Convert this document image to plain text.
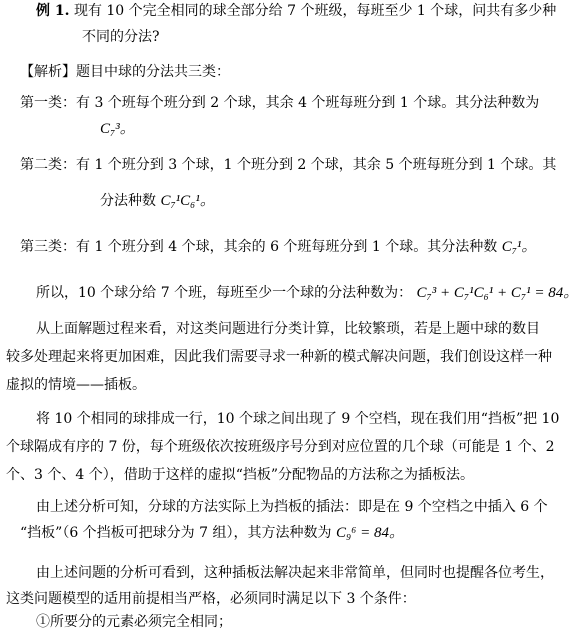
例 1. 现有 10 个完全相同的球全部分给 7 个班级，每班至少 1 个球，问共有多少种
不同的分法?
【解析】题目中球的分法共三类：
第一类：有 3 个班每个班分到 2 个球，其余 4 个班每班分到 1 个球。其分法种数为
C₇³。
第二类：有 1 个班分到 3 个球，1 个班分到 2 个球，其余 5 个班每班分到 1 个球。其
分法种数 C₇¹C₆¹。
第三类：有 1 个班分到 4 个球，其余的 6 个班每班分到 1 个球。其分法种数 C₇¹。
所以，10 个球分给 7 个班，每班至少一个球的分法种数为： C₇³ + C₇¹C₆¹ + C₇¹ = 84。
从上面解题过程来看，对这类问题进行分类计算，比较繁琐，若是上题中球的数目
较多处理起来将更加困难，因此我们需要寻求一种新的模式解决问题，我们创设这样一种
虚拟的情境——插板。
将 10 个相同的球排成一行，10 个球之间出现了 9 个空档，现在我们用“挡板”把 10
个球隔成有序的 7 份，每个班级依次按班级序号分到对应位置的几个球（可能是 1 个、2
个、3 个、4 个），借助于这样的虚拟“挡板”分配物品的方法称之为插板法。
由上述分析可知，分球的方法实际上为挡板的插法：即是在 9 个空档之中插入 6 个
“挡板”（6 个挡板可把球分为 7 组），其方法种数为 C₉⁶ = 84。
由上述问题的分析可看到，这种插板法解决起来非常简单，但同时也提醒各位考生，
这类问题模型的适用前提相当严格，必须同时满足以下 3 个条件：
①所要分的元素必须完全相同；
